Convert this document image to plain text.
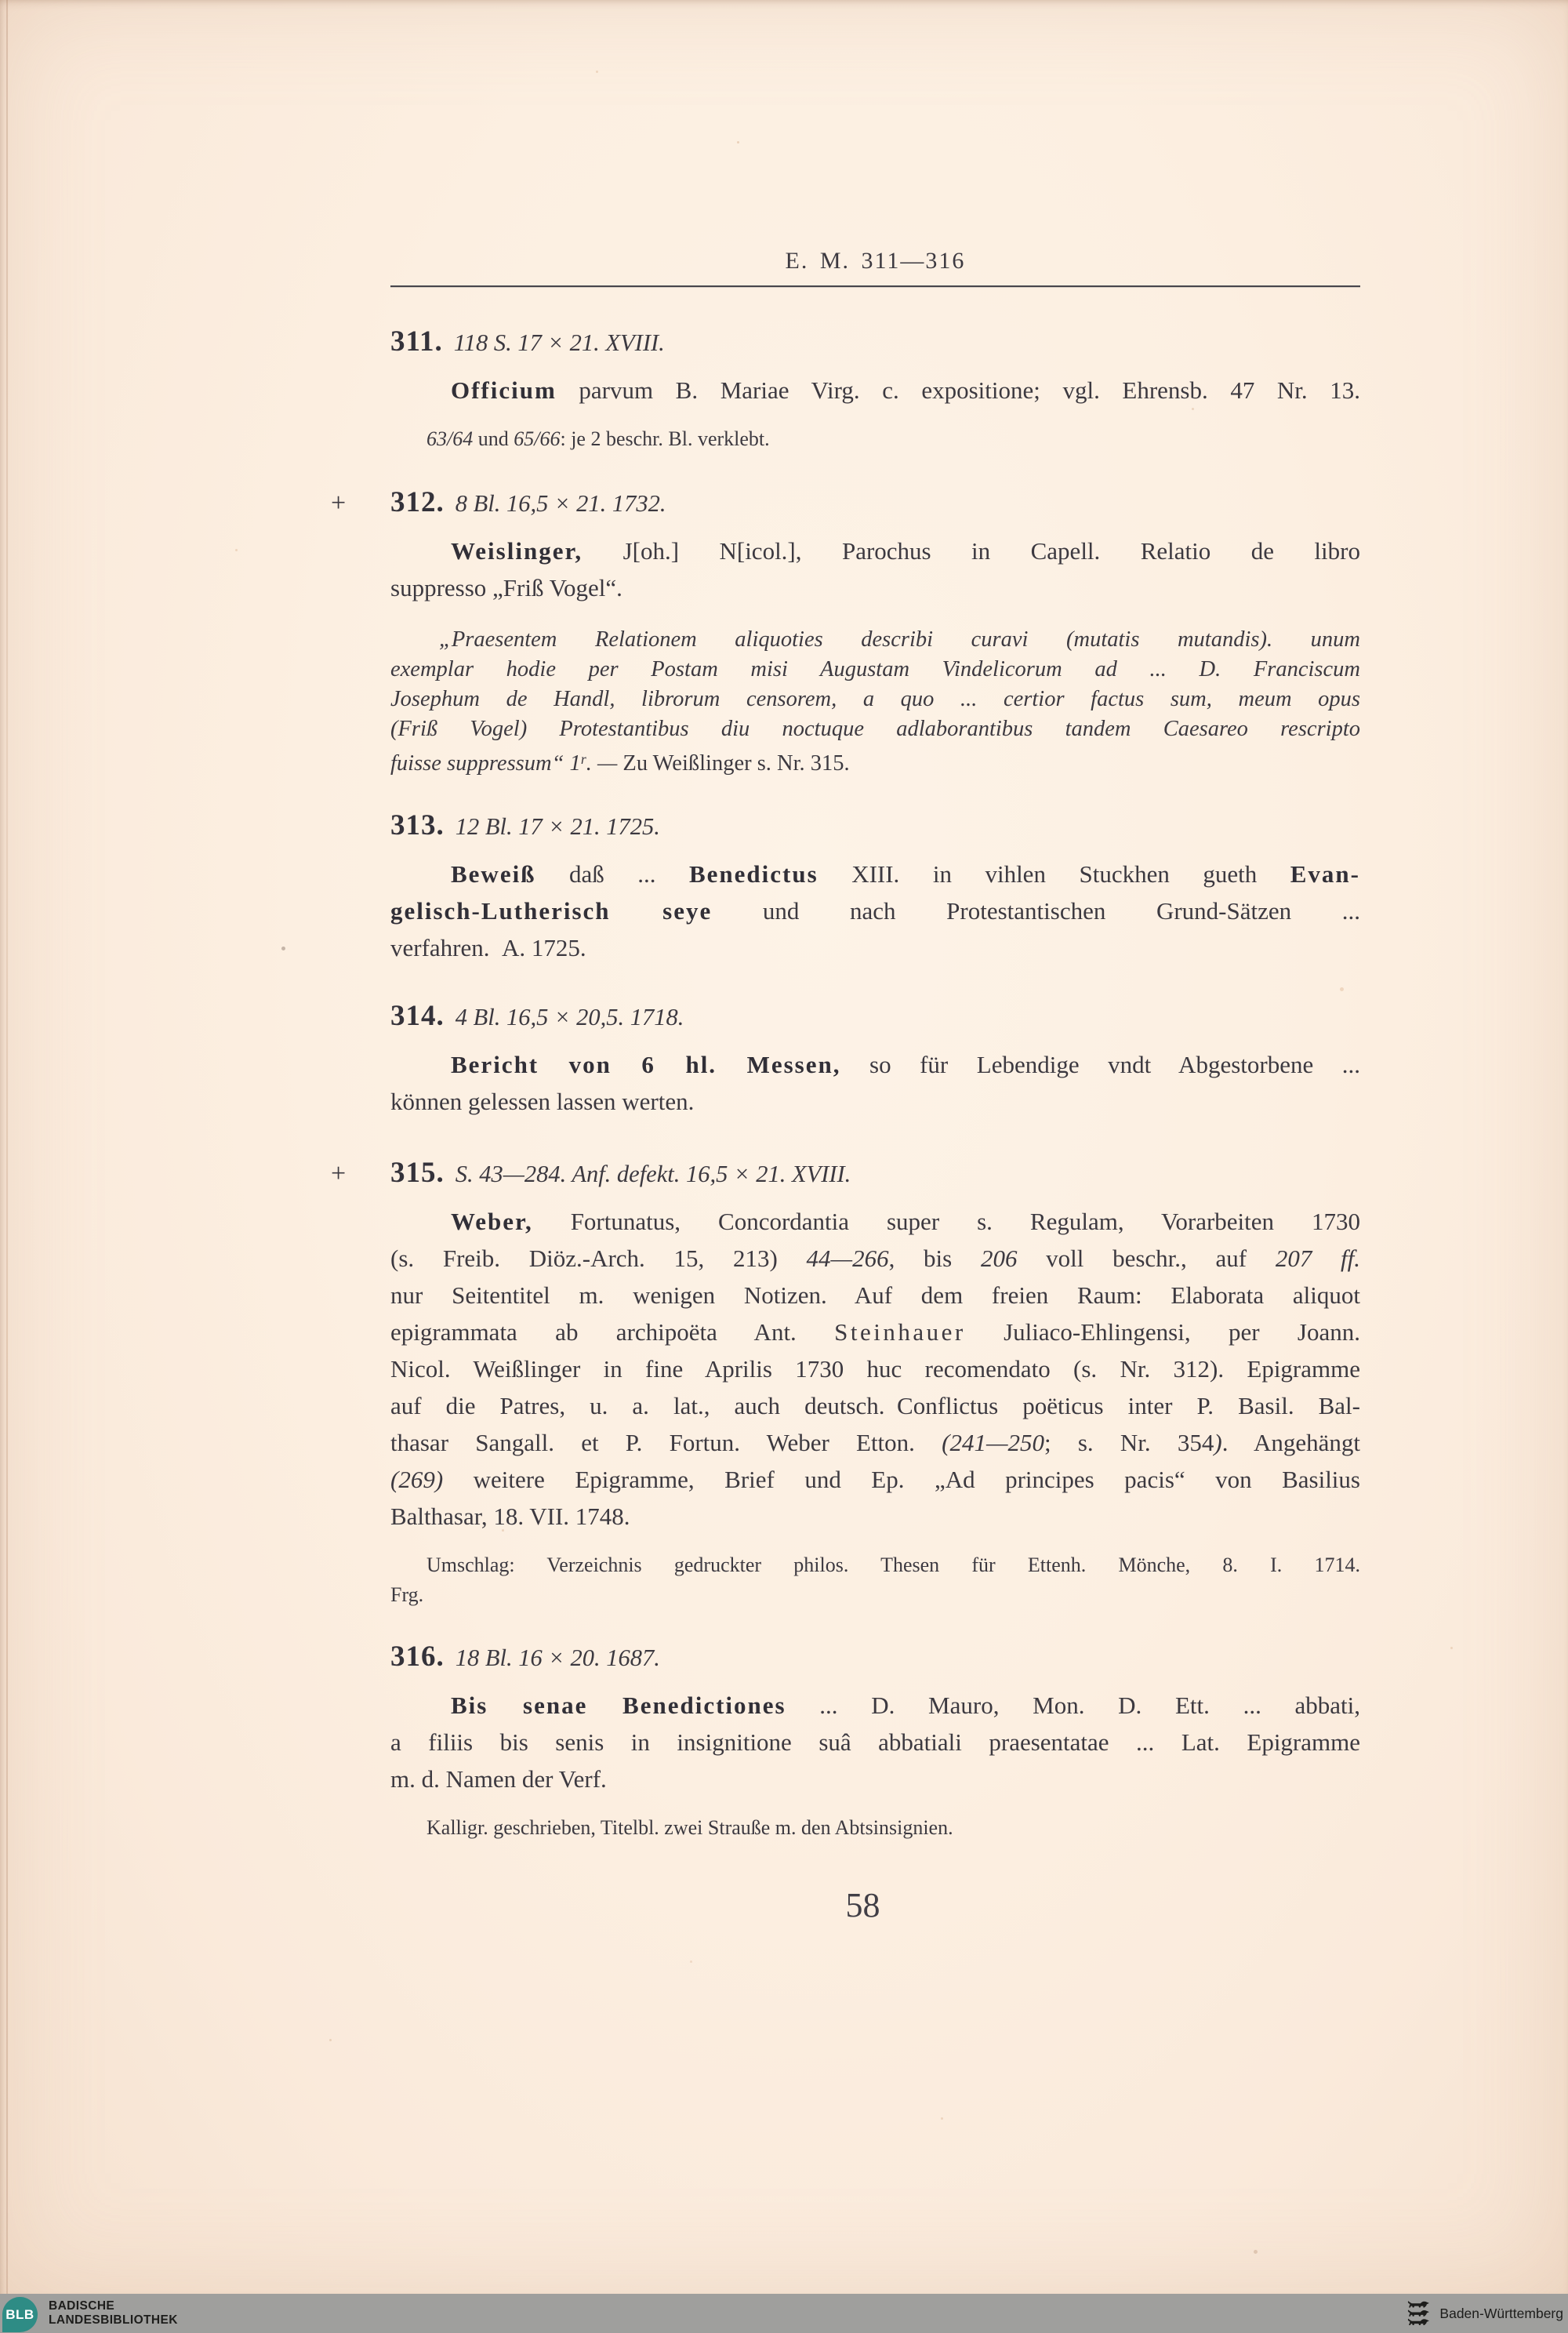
E. M. 311—316
311. 118 S. 17 × 21. XVIII.
Officium parvum B. Mariae Virg. c. expositione; vgl. Ehrensb. 47 Nr. 13.
63/64 und 65/66: je 2 beschr. Bl. verklebt.
+ 312. 8 Bl. 16,5 × 21. 1732.
Weislinger, J[oh.] N[icol.], Parochus in Capell. Relatio de libro
suppresso „Friß Vogel“.
„Praesentem Relationem aliquoties describi curavi (mutatis mutandis). unum
exemplar hodie per Postam misi Augustam Vindelicorum ad ... D. Franciscum
Josephum de Handl, librorum censorem, a quo ... certior factus sum, meum opus
(Friß Vogel) Protestantibus diu noctuque adlaborantibus tandem Caesareo rescripto
fuisse suppressum“ 1$^r$. — Zu Weißlinger s. Nr. 315.
313. 12 Bl. 17 × 21. 1725.
Beweiß daß ... Benedictus XIII. in vihlen Stuckhen gueth Evan-
gelisch-Lutherisch seye und nach Protestantischen Grund-Sätzen ...
verfahren. A. 1725.
314. 4 Bl. 16,5 × 20,5. 1718.
Bericht von 6 hl. Messen, so für Lebendige vndt Abgestorbene ...
können gelessen lassen werten.
+ 315. S. 43—284. Anf. defekt. 16,5 × 21. XVIII.
Weber, Fortunatus, Concordantia super s. Regulam, Vorarbeiten 1730
(s. Freib. Diöz.-Arch. 15, 213) 44—266, bis 206 voll beschr., auf 207 ff.
nur Seitentitel m. wenigen Notizen. Auf dem freien Raum: Elaborata aliquot
epigrammata ab archipoëta Ant. Steinhauer Juliaco-Ehlingensi, per Joann.
Nicol. Weißlinger in fine Aprilis 1730 huc recomendato (s. Nr. 312). Epigramme
auf die Patres, u. a. lat., auch deutsch. Conflictus poëticus inter P. Basil. Bal-
thasar Sangall. et P. Fortun. Weber Etton. (241—250; s. Nr. 354). Angehängt
(269) weitere Epigramme, Brief und Ep. „Ad principes pacis“ von Basilius
Balthasar, 18. VII. 1748.
Umschlag: Verzeichnis gedruckter philos. Thesen für Ettenh. Mönche, 8. I. 1714.
Frg.
316. 18 Bl. 16 × 20. 1687.
Bis senae Benedictiones ... D. Mauro, Mon. D. Ett. ... abbati,
a filiis bis senis in insignitione suâ abbatiali praesentatae ... Lat. Epigramme
m. d. Namen der Verf.
Kalligr. geschrieben, Titelbl. zwei Strauße m. den Abtsinsignien.
58
BLB
BADISCHE
LANDESBIBLIOTHEK	Baden-Württemberg
